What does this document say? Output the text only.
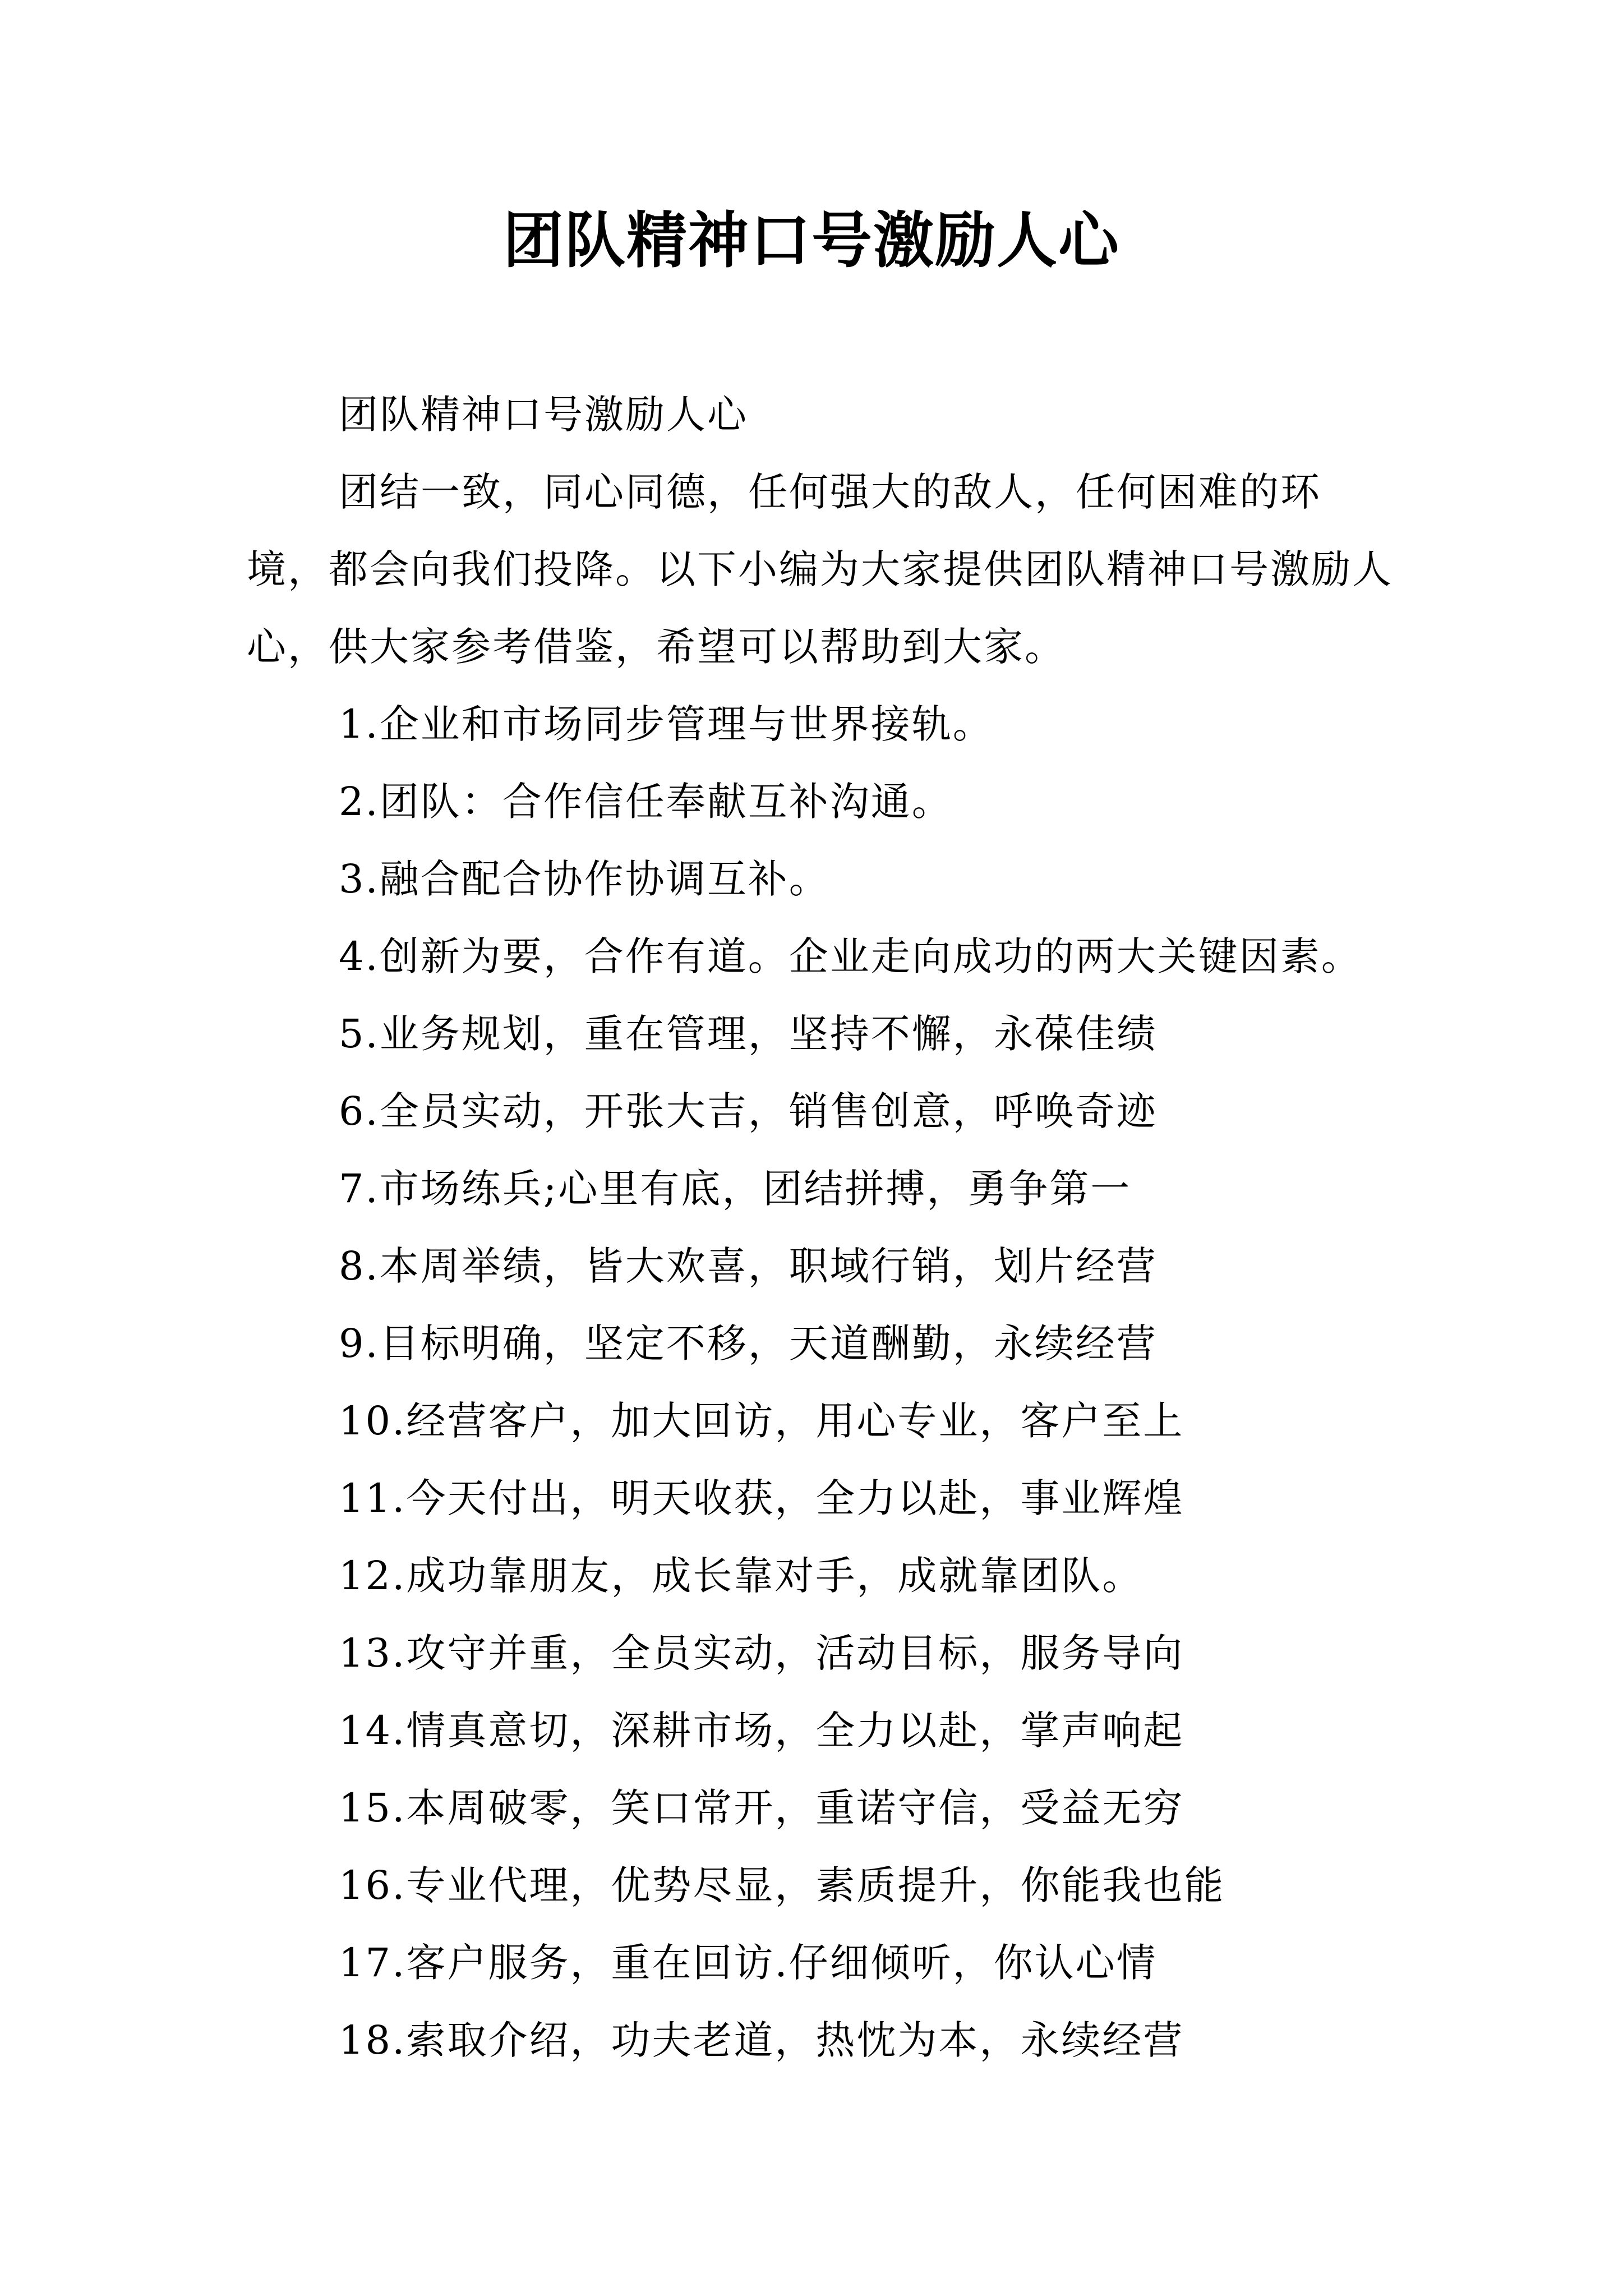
团队精神口号激励人心

团队精神口号激励人心

团结一致，同心同德，任何强大的敌人，任何困难的环境，都会向我们投降。以下小编为大家提供团队精神口号激励人心，供大家参考借鉴，希望可以帮助到大家。

1.企业和市场同步管理与世界接轨。

2.团队：合作信任奉献互补沟通。

3.融合配合协作协调互补。

4.创新为要，合作有道。企业走向成功的两大关键因素。

5.业务规划，重在管理，坚持不懈，永葆佳绩

6.全员实动，开张大吉，销售创意，呼唤奇迹

7.市场练兵;心里有底，团结拼搏，勇争第一

8.本周举绩，皆大欢喜，职域行销，划片经营

9.目标明确，坚定不移，天道酬勤，永续经营

10.经营客户，加大回访，用心专业，客户至上

11.今天付出，明天收获，全力以赴，事业辉煌

12.成功靠朋友，成长靠对手，成就靠团队。

13.攻守并重，全员实动，活动目标，服务导向

14.情真意切，深耕市场，全力以赴，掌声响起

15.本周破零，笑口常开，重诺守信，受益无穷

16.专业代理，优势尽显，素质提升，你能我也能

17.客户服务，重在回访.仔细倾听，你认心情

18.索取介绍，功夫老道，热忱为本，永续经营
